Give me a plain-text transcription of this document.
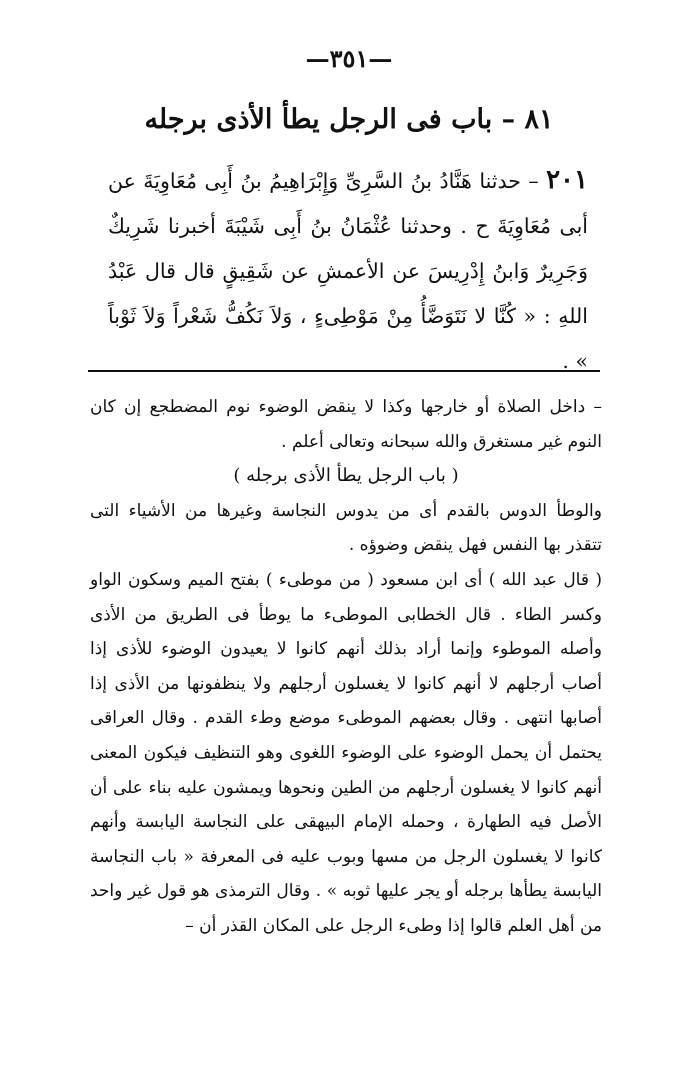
—٣٥١—
٨١ – باب فى الرجل يطأ الأذى برجله
٢٠١ – حدثنا هَنَّادُ بنُ السَّرِىِّ وَإِبْرَاهِيمُ بنُ أَبِى مُعَاوِيَةَ عن أبى مُعَاوِيَةَ ح . وحدثنا عُثْمَانُ بنُ أَبِى شَيْبَةَ أخبرنا شَرِيكٌ وَجَرِيرٌ وَابنُ إِدْرِيسَ عن الأعمشِ عن شَقِيقٍ قال قال عَبْدُ اللهِ : « كُنَّا لا نَتَوَضَّأُ مِنْ مَوْطِىءٍ ، وَلاَ نَكُفُّ شَعْراً وَلاَ ثَوْباً » .

– داخل الصلاة أو خارجها وكذا لا ينقض الوضوء نوم المضطجع إن كان النوم غير مستغرق والله سبحانه وتعالى أعلم .

( باب الرجل يطأ الأذى برجله )

والوطأ الدوس بالقدم أى من يدوس النجاسة وغيرها من الأشياء التى تتقذر بها النفس فهل ينقض وضوؤه .

( قال عبد الله ) أى ابن مسعود ( من موطىء ) بفتح الميم وسكون الواو وكسر الطاء . قال الخطابى الموطىء ما يوطأ فى الطريق من الأذى وأصله الموطوء وإنما أراد بذلك أنهم كانوا لا يعيدون الوضوء للأذى إذا أصاب أرجلهم لا أنهم كانوا لا يغسلون أرجلهم ولا ينظفونها من الأذى إذا أصابها انتهى . وقال بعضهم الموطىء موضع وطء القدم . وقال العراقى يحتمل أن يحمل الوضوء على الوضوء اللغوى وهو التنظيف فيكون المعنى أنهم كانوا لا يغسلون أرجلهم من الطين ونحوها ويمشون عليه بناء على أن الأصل فيه الطهارة ، وحمله الإمام البيهقى على النجاسة اليابسة وأنهم كانوا لا يغسلون الرجل من مسها وبوب عليه فى المعرفة « باب النجاسة اليابسة يطأها برجله أو يجر عليها ثوبه » . وقال الترمذى هو قول غير واحد من أهل العلم قالوا إذا وطىء الرجل على المكان القذر أن –
